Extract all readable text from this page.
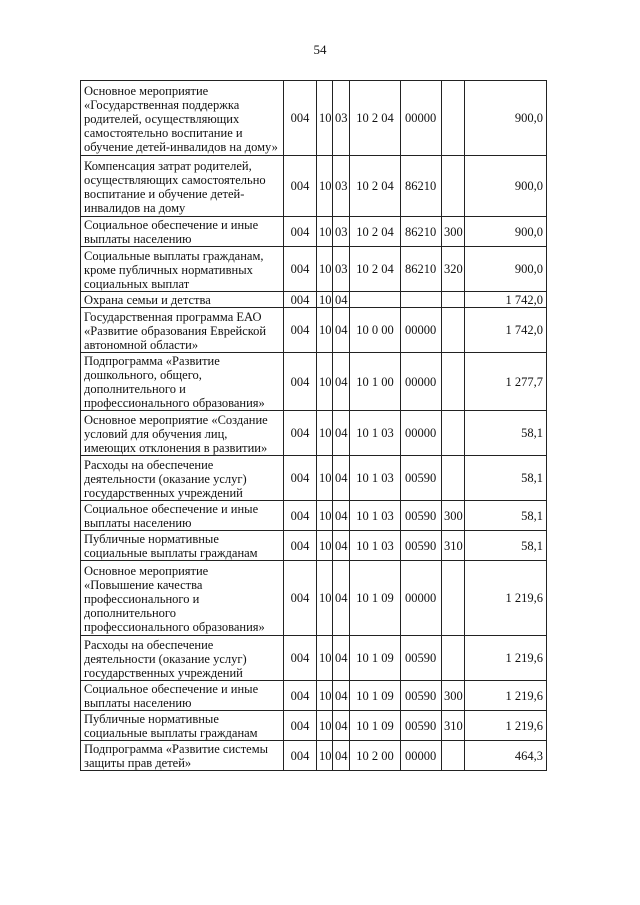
54
Основное мероприятие «Государственная поддержка родителей, осуществляющих самостоятельно воспитание и обучение детей-инвалидов на дому»	004	10	03	10 2 04	00000		900,0
Компенсация затрат родителей, осуществляющих самостоятельно воспитание и обучение детей-инвалидов на дому	004	10	03	10 2 04	86210		900,0
Социальное обеспечение и иные выплаты населению	004	10	03	10 2 04	86210	300	900,0
Социальные выплаты гражданам, кроме публичных нормативных социальных выплат	004	10	03	10 2 04	86210	320	900,0
Охрана семьи и детства	004	10	04				1 742,0
Государственная программа ЕАО «Развитие образования Еврейской автономной области»	004	10	04	10 0 00	00000		1 742,0
Подпрограмма «Развитие дошкольного, общего, дополнительного и профессионального образования»	004	10	04	10 1 00	00000		1 277,7
Основное мероприятие «Создание условий для обучения лиц, имеющих отклонения в развитии»	004	10	04	10 1 03	00000		58,1
Расходы на обеспечение деятельности (оказание услуг) государственных учреждений	004	10	04	10 1 03	00590		58,1
Социальное обеспечение и иные выплаты населению	004	10	04	10 1 03	00590	300	58,1
Публичные нормативные социальные выплаты гражданам	004	10	04	10 1 03	00590	310	58,1
Основное мероприятие «Повышение качества профессионального и дополнительного профессионального образования»	004	10	04	10 1 09	00000		1 219,6
Расходы на обеспечение деятельности (оказание услуг) государственных учреждений	004	10	04	10 1 09	00590		1 219,6
Социальное обеспечение и иные выплаты населению	004	10	04	10 1 09	00590	300	1 219,6
Публичные нормативные социальные выплаты гражданам	004	10	04	10 1 09	00590	310	1 219,6
Подпрограмма «Развитие системы защиты прав детей»	004	10	04	10 2 00	00000		464,3
